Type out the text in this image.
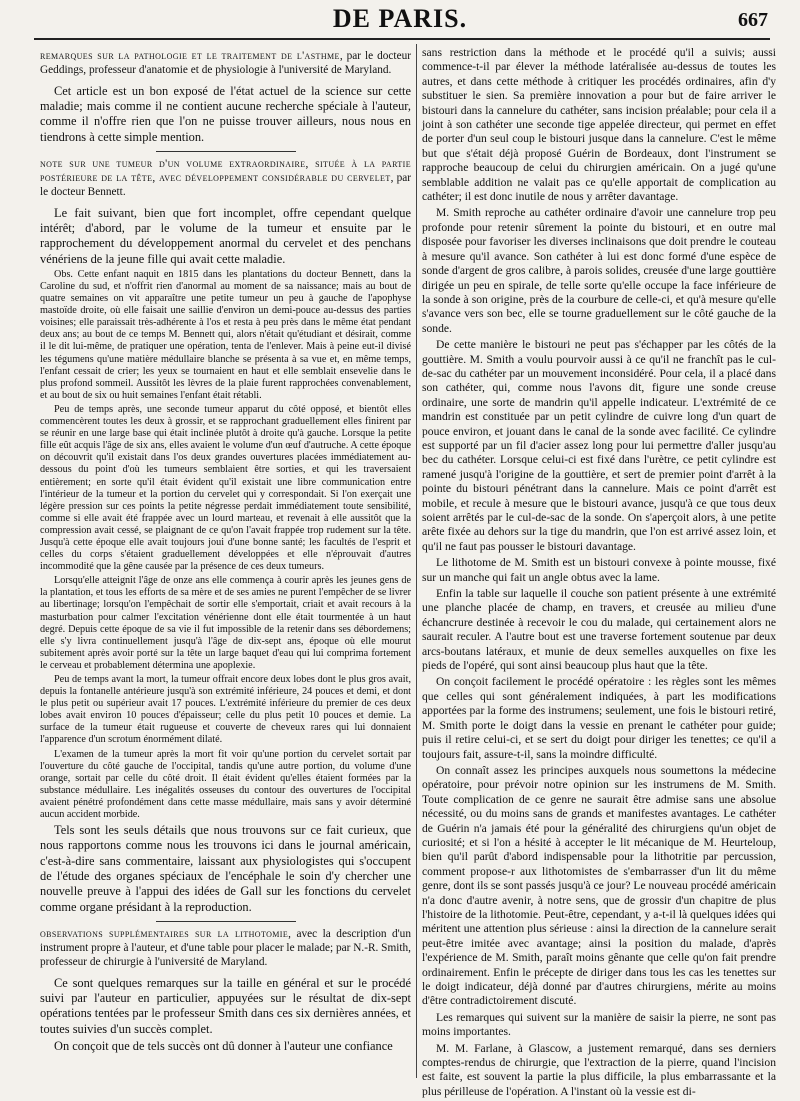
DE PARIS.	667

remarques sur la pathologie et le traitement de l'asthme, par le docteur Geddings, professeur d'anatomie et de physiologie à l'université de Maryland.

Cet article est un bon exposé de l'état actuel de la science sur cette maladie; mais comme il ne contient aucune recherche spéciale à l'auteur, comme il n'offre rien que l'on ne puisse trouver ailleurs, nous nous en tiendrons à cette simple mention.

note sur une tumeur d'un volume extraordinaire, située à la partie postérieure de la tête, avec développement considérable du cervelet, par le docteur Bennett.

Le fait suivant, bien que fort incomplet, offre cependant quelque intérêt; d'abord, par le volume de la tumeur et ensuite par le rapprochement du développement anormal du cervelet et des penchans vénériens de la jeune fille qui avait cette maladie.

Obs. Cette enfant naquit en 1815 dans les plantations du docteur Bennett, dans la Caroline du sud, et n'offrit rien d'anormal au moment de sa naissance; mais au bout de quatre semaines on vit apparaître une petite tumeur un peu à gauche de l'apophyse mastoïde droite, où elle faisait une saillie d'environ un demi-pouce au-dessus des parties voisines; elle paraissait très-adhérente à l'os et resta à peu près dans le même état pendant deux ans; au bout de ce temps M. Bennett qui, alors n'était qu'étudiant et désirait, comme il le dit lui-même, de pratiquer une opération, tenta de l'enlever. Mais à peine eut-il divisé les tégumens qu'une matière médullaire blanche se présenta à sa vue et, en même temps, l'enfant cessait de crier; les yeux se tournaient en haut et elle semblait ensevelie dans le plus profond sommeil. Aussitôt les lèvres de la plaie furent rapprochées convenablement, et au bout de six ou huit semaines l'enfant était rétabli.

Peu de temps après, une seconde tumeur apparut du côté opposé, et bientôt elles commencèrent toutes les deux à grossir, et se rapprochant graduellement elles finirent par se réunir en une large base qui était inclinée plutôt à droite qu'à gauche. Lorsque la petite fille eût acquis l'âge de six ans, elles avaient le volume d'un œuf d'autruche. A cette époque on découvrit qu'il existait dans l'os deux grandes ouvertures placées immédiatement au-dessous du point d'où les tumeurs semblaient être sorties, et qui les traversaient entièrement; en sorte qu'il était évident qu'il existait une libre communication entre l'intérieur de la tumeur et la portion du cervelet qui y correspondait. Si l'on exerçait une légère pression sur ces points la petite négresse perdait immédiatement toute sensibilité, comme si elle avait été frappée avec un lourd marteau, et revenait à elle aussitôt que la compression avait cessé, se plaignant de ce qu'on l'avait frappée trop rudement sur la tête. Jusqu'à cette époque elle avait toujours joui d'une bonne santé; les facultés de l'esprit et celles du corps s'étaient graduellement développées et elle n'éprouvait d'autres incommodité que la gêne causée par la présence de ces deux tumeurs.

Lorsqu'elle atteignit l'âge de onze ans elle commença à courir après les jeunes gens de la plantation, et tous les efforts de sa mère et de ses amies ne purent l'empêcher de se livrer au libertinage; lorsqu'on l'empêchait de sortir elle s'emportait, criait et avait recours à la masturbation pour calmer l'excitation vénérienne dont elle était tourmentée à un haut degré. Depuis cette époque de sa vie il fut impossible de la retenir dans ses débordemens; elle s'y livra continuellement jusqu'à l'âge de dix-sept ans, époque où elle mourut subitement après avoir porté sur la tête un large baquet d'eau qui lui comprima fortement le cerveau et probablement détermina une apoplexie.

Peu de temps avant la mort, la tumeur offrait encore deux lobes dont le plus gros avait, depuis la fontanelle antérieure jusqu'à son extrémité inférieure, 24 pouces et demi, et dont le plus petit ou supérieur avait 17 pouces. L'extrémité inférieure du premier de ces deux lobes avait environ 10 pouces d'épaisseur; celle du plus petit 10 pouces et demie. La surface de la tumeur était rugueuse et couverte de cheveux rares qui lui donnaient l'apparence d'un scrotum énormément dilaté.

L'examen de la tumeur après la mort fit voir qu'une portion du cervelet sortait par l'ouverture du côté gauche de l'occipital, tandis qu'une autre portion, du volume d'une orange, sortait par celle du côté droit. Il était évident qu'elles étaient formées par la substance médullaire. Les inégalités osseuses du contour des ouvertures de l'occipital avaient pénétré profondément dans cette masse médullaire, mais sans y avoir déterminé aucun accident morbide.

Tels sont les seuls détails que nous trouvons sur ce fait curieux, que nous rapportons comme nous les trouvons ici dans le journal américain, c'est-à-dire sans commentaire, laissant aux physiologistes qui s'occupent de l'étude des organes spéciaux de l'encéphale le soin d'y chercher une nouvelle preuve à l'appui des idées de Gall sur les fonctions du cervelet comme organe présidant à la reproduction.

observations supplémentaires sur la lithotomie, avec la description d'un instrument propre à l'auteur, et d'une table pour placer le malade; par N.-R. Smith, professeur de chirurgie à l'université de Maryland.

Ce sont quelques remarques sur la taille en général et sur le procédé suivi par l'auteur en particulier, appuyées sur le résultat de dix-sept opérations tentées par le professeur Smith dans ces six dernières années, et toutes suivies d'un succès complet.

On conçoit que de tels succès ont dû donner à l'auteur une confiance

sans restriction dans la méthode et le procédé qu'il a suivis; aussi commence-t-il par élever la méthode latéralisée au-dessus de toutes les autres, et dans cette méthode à critiquer les procédés ordinaires, afin d'y substituer le sien. Sa première innovation a pour but de faire arriver le bistouri dans la cannelure du cathéter, sans incision préalable; pour cela il a joint à son cathéter une seconde tige appelée directeur, qui permet en effet de porter d'un seul coup le bistouri jusque dans la cannelure. C'est le même but que s'était déjà proposé Guérin de Bordeaux, dont l'instrument se rapproche beaucoup de celui du chirurgien américain. On a jugé qu'une semblable addition ne valait pas ce qu'elle apportait de complication au cathéter; il est donc inutile de nous y arrêter davantage.

M. Smith reproche au cathéter ordinaire d'avoir une cannelure trop peu profonde pour retenir sûrement la pointe du bistouri, et en outre mal disposée pour favoriser les diverses inclinaisons que doit prendre le couteau à mesure qu'il avance. Son cathéter à lui est donc formé d'une espèce de sonde d'argent de gros calibre, à parois solides, creusée d'une large gouttière dirigée un peu en spirale, de telle sorte qu'elle occupe la face inférieure de la sonde à son origine, près de la courbure de celle-ci, et qu'à mesure qu'elle s'avance vers son bec, elle se tourne graduellement sur le côté gauche de la sonde.

De cette manière le bistouri ne peut pas s'échapper par les côtés de la gouttière. M. Smith a voulu pourvoir aussi à ce qu'il ne franchît pas le cul-de-sac du cathéter par un mouvement inconsidéré. Pour cela, il a placé dans son cathéter, qui, comme nous l'avons dit, figure une sonde creuse ordinaire, une sorte de mandrin qu'il appelle indicateur. L'extrémité de ce mandrin est constituée par un petit cylindre de cuivre long d'un quart de pouce environ, et jouant dans le canal de la sonde avec facilité. Ce cylindre est supporté par un fil d'acier assez long pour lui permettre d'aller jusqu'au bec du cathéter. Lorsque celui-ci est fixé dans l'urètre, ce petit cylindre est ramené jusqu'à l'origine de la gouttière, et sert de premier point d'arrêt à la pointe du bistouri pénétrant dans la cannelure. Mais ce point d'arrêt est mobile, et recule à mesure que le bistouri avance, jusqu'à ce que tous deux soient arrêtés par le cul-de-sac de la sonde. On s'aperçoit alors, à une petite arête fixée au dehors sur la tige du mandrin, que l'on est arrivé assez loin, et qu'il ne faut pas pousser le bistouri davantage.

Le lithotome de M. Smith est un bistouri convexe à pointe mousse, fixé sur un manche qui fait un angle obtus avec la lame.

Enfin la table sur laquelle il couche son patient présente à une extrémité une planche placée de champ, en travers, et creusée au milieu d'une échancrure destinée à recevoir le cou du malade, qui certainement alors ne saurait reculer. A l'autre bout est une traverse fortement soutenue par deux arcs-boutans latéraux, et munie de deux semelles auxquelles on fixe les pieds de l'opéré, qui sont ainsi beaucoup plus haut que la tête.

On conçoit facilement le procédé opératoire : les règles sont les mêmes que celles qui sont généralement indiquées, à part les modifications apportées par la forme des instrumens; seulement, une fois le bistouri retiré, M. Smith porte le doigt dans la vessie en prenant le cathéter pour guide; puis il retire celui-ci, et se sert du doigt pour diriger les tenettes; ce qu'il a toujours fait, assure-t-il, sans la moindre difficulté.

On connaît assez les principes auxquels nous soumettons la médecine opératoire, pour prévoir notre opinion sur les instrumens de M. Smith. Toute complication de ce genre ne saurait être admise sans une absolue nécessité, ou du moins sans de grands et manifestes avantages. Le cathéter de Guérin n'a jamais été pour la généralité des chirurgiens qu'un objet de curiosité; et si l'on a hésité à accepter le lit mécanique de M. Heurteloup, bien qu'il parût d'abord indispensable pour la lithotritie par percussion, comment propose-r aux lithotomistes de s'embarrasser d'un lit du même genre, dont ils se sont passés jusqu'à ce jour? Le nouveau procédé américain n'a donc d'autre avenir, à notre sens, que de grossir d'un chapitre de plus l'histoire de la lithotomie. Peut-être, cependant, y a-t-il là quelques idées qui méritent une attention plus sérieuse : ainsi la direction de la cannelure serait peut-être imitée avec avantage; ainsi la position du malade, d'après l'expérience de M. Smith, paraît moins gênante que celle qu'on fait prendre ordinairement. Enfin le précepte de diriger dans tous les cas les tenettes sur le doigt indicateur, déjà donné par d'autres chirurgiens, mérite au moins d'être contradictoirement discuté.

Les remarques qui suivent sur la manière de saisir la pierre, ne sont pas moins importantes.

M. M. Farlane, à Glascow, a justement remarqué, dans ses derniers comptes-rendus de chirurgie, que l'extraction de la pierre, quand l'incision est faite, est souvent la partie la plus difficile, la plus embarrassante et la plus périlleuse de l'opération. A l'instant où la vessie est di-
